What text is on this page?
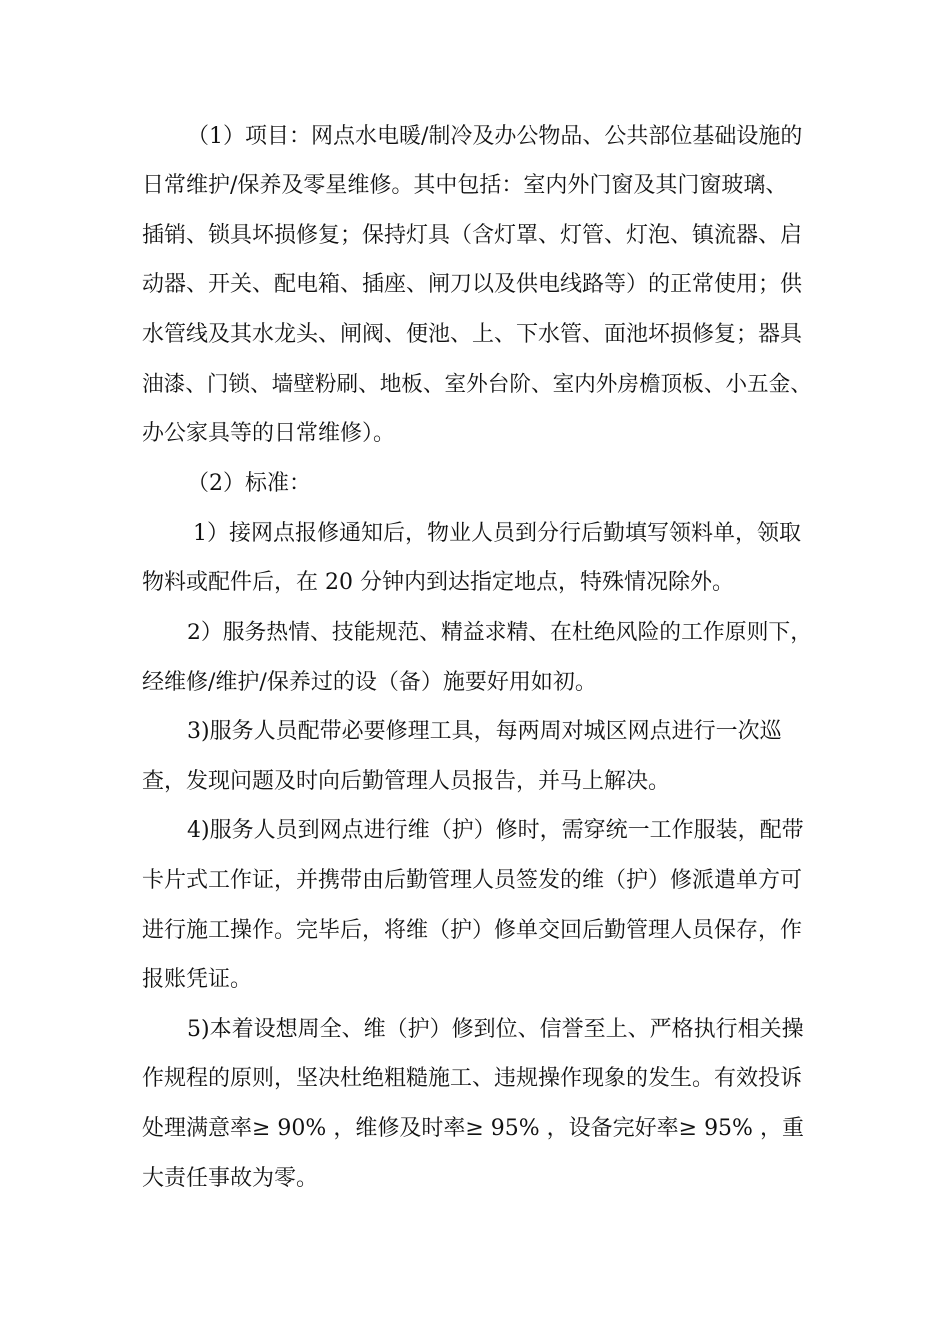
（1）项目：网点水电暖/制冷及办公物品、公共部位基础设施的
日常维护/保养及零星维修。其中包括：室内外门窗及其门窗玻璃、
插销、锁具坏损修复；保持灯具（含灯罩、灯管、灯泡、镇流器、启
动器、开关、配电箱、插座、闸刀以及供电线路等）的正常使用；供
水管线及其水龙头、闸阀、便池、上、下水管、面池坏损修复；器具
油漆、门锁、墙壁粉刷、地板、室外台阶、室内外房檐顶板、小五金、
办公家具等的日常维修）。
（2）标准：
1）接网点报修通知后，物业人员到分行后勤填写领料单，领取
物料或配件后，在 20 分钟内到达指定地点，特殊情况除外。
2）服务热情、技能规范、精益求精、在杜绝风险的工作原则下，
经维修/维护/保养过的设（备）施要好用如初。
3)服务人员配带必要修理工具，每两周对城区网点进行一次巡
查，发现问题及时向后勤管理人员报告，并马上解决。
4)服务人员到网点进行维（护）修时，需穿统一工作服装，配带
卡片式工作证，并携带由后勤管理人员签发的维（护）修派遣单方可
进行施工操作。完毕后，将维（护）修单交回后勤管理人员保存，作
报账凭证。
5)本着设想周全、维（护）修到位、信誉至上、严格执行相关操
作规程的原则，坚决杜绝粗糙施工、违规操作现象的发生。有效投诉
处理满意率≥ 90% ，维修及时率≥ 95% ，设备完好率≥ 95% ，重
大责任事故为零。
